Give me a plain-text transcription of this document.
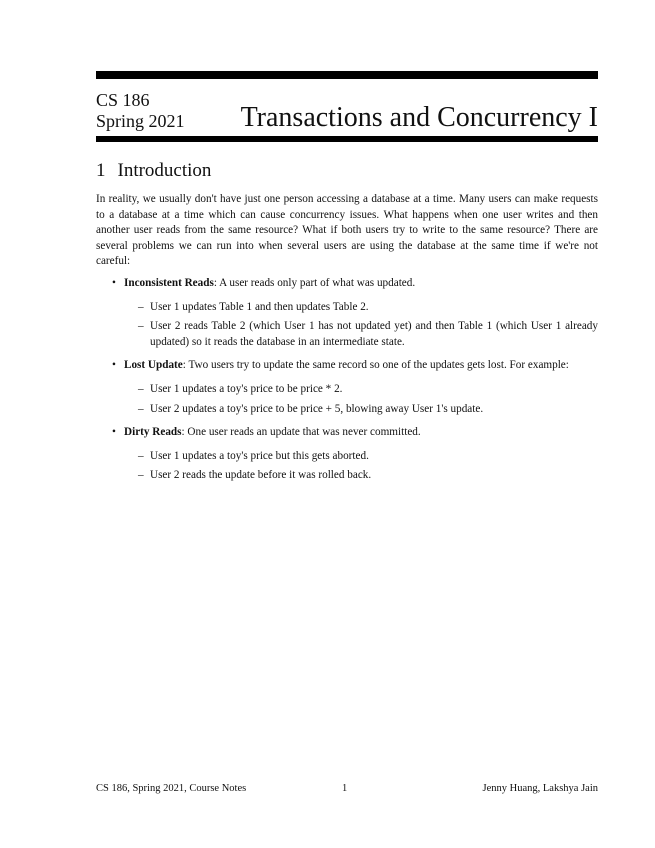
CS 186
Spring 2021 Transactions and Concurrency I
1 Introduction

In reality, we usually don't have just one person accessing a database at a time. Many users can make requests to a database at a time which can cause concurrency issues. What happens when one user writes and then another user reads from the same resource? What if both users try to write to the same resource? There are several problems we can run into when several users are using the database at the same time if we're not careful:

• Inconsistent Reads: A user reads only part of what was updated.
– User 1 updates Table 1 and then updates Table 2.
– User 2 reads Table 2 (which User 1 has not updated yet) and then Table 1 (which User 1 already updated) so it reads the database in an intermediate state.
• Lost Update: Two users try to update the same record so one of the updates gets lost. For example:
– User 1 updates a toy's price to be price * 2.
– User 2 updates a toy's price to be price + 5, blowing away User 1's update.
• Dirty Reads: One user reads an update that was never committed.
– User 1 updates a toy's price but this gets aborted.
– User 2 reads the update before it was rolled back.
CS 186, Spring 2021, Course Notes	1	Jenny Huang, Lakshya Jain
